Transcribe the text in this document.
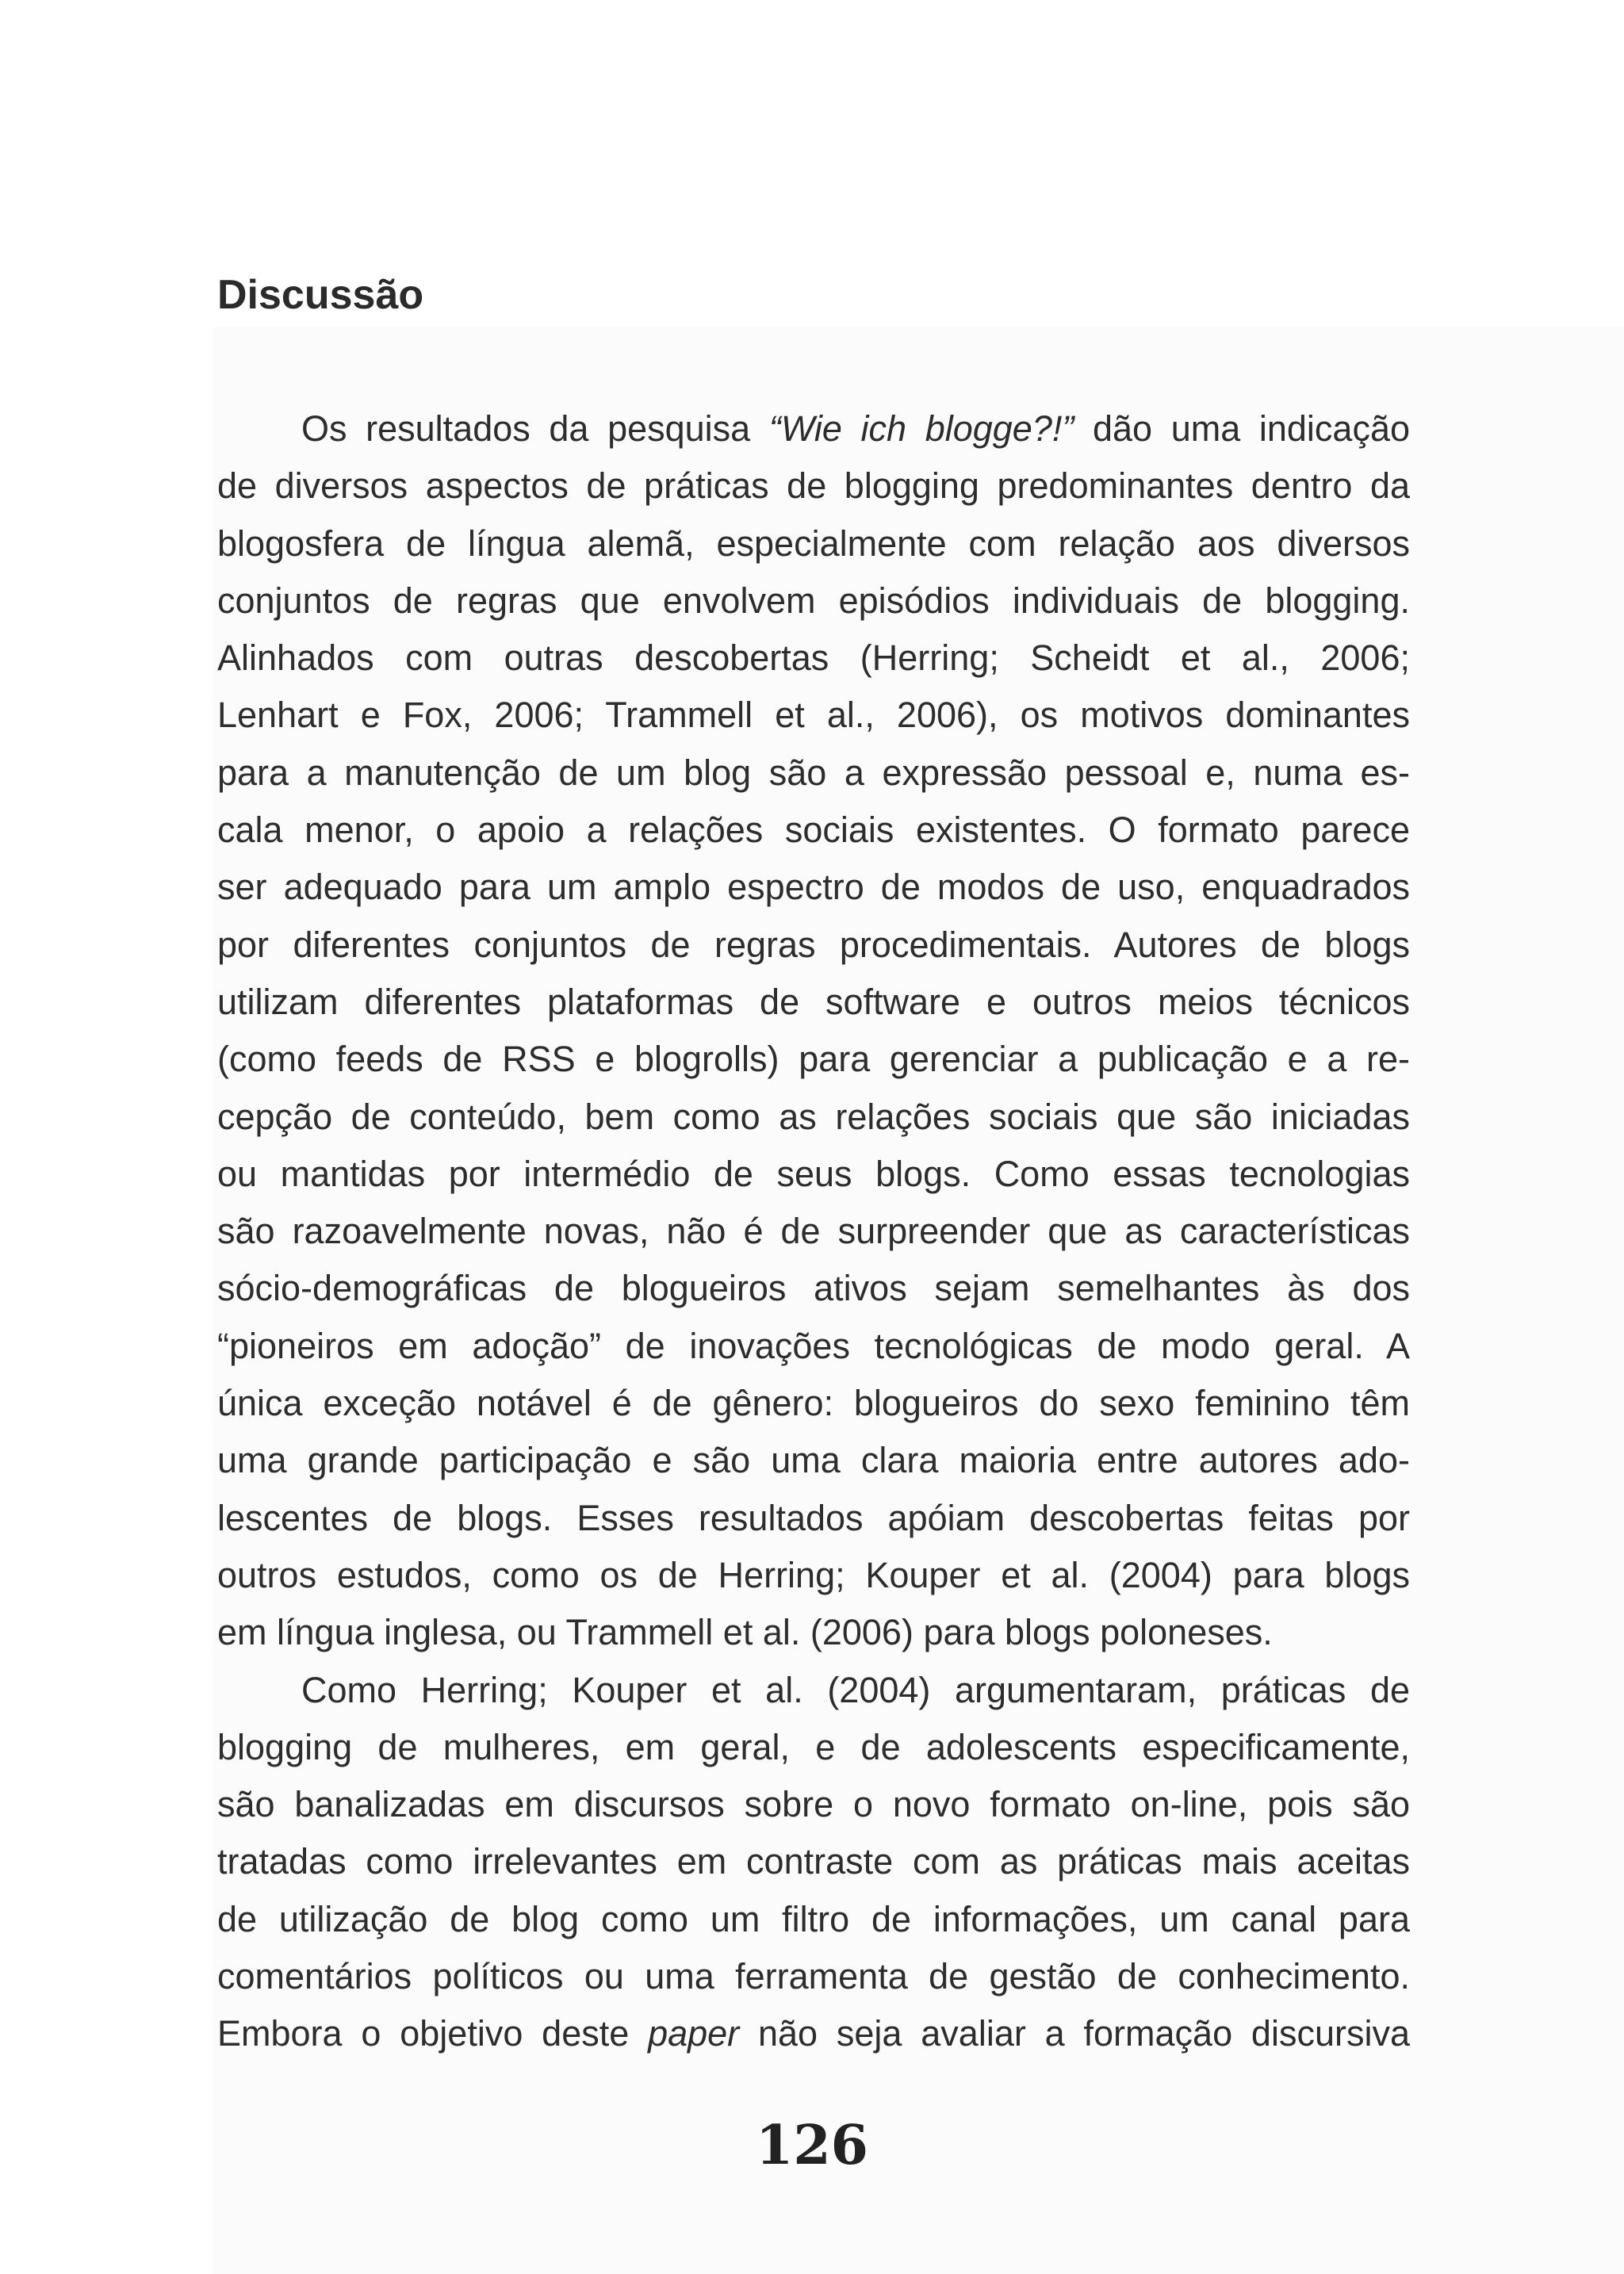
Discussão
Os resultados da pesquisa “Wie ich blogge?!” dão uma indicação
de diversos aspectos de práticas de blogging predominantes dentro da
blogosfera de língua alemã, especialmente com relação aos diversos
conjuntos de regras que envolvem episódios individuais de blogging.
Alinhados com outras descobertas (Herring; Scheidt et al., 2006;
Lenhart e Fox, 2006; Trammell et al., 2006), os motivos dominantes
para a manutenção de um blog são a expressão pessoal e, numa es-
cala menor, o apoio a relações sociais existentes. O formato parece
ser adequado para um amplo espectro de modos de uso, enquadrados
por diferentes conjuntos de regras procedimentais. Autores de blogs
utilizam diferentes plataformas de software e outros meios técnicos
(como feeds de RSS e blogrolls) para gerenciar a publicação e a re-
cepção de conteúdo, bem como as relações sociais que são iniciadas
ou mantidas por intermédio de seus blogs. Como essas tecnologias
são razoavelmente novas, não é de surpreender que as características
sócio-demográficas de blogueiros ativos sejam semelhantes às dos
“pioneiros em adoção” de inovações tecnológicas de modo geral. A
única exceção notável é de gênero: blogueiros do sexo feminino têm
uma grande participação e são uma clara maioria entre autores ado-
lescentes de blogs. Esses resultados apóiam descobertas feitas por
outros estudos, como os de Herring; Kouper et al. (2004) para blogs
em língua inglesa, ou Trammell et al. (2006) para blogs poloneses.
Como Herring; Kouper et al. (2004) argumentaram, práticas de
blogging de mulheres, em geral, e de adolescents especificamente,
são banalizadas em discursos sobre o novo formato on-line, pois são
tratadas como irrelevantes em contraste com as práticas mais aceitas
de utilização de blog como um filtro de informações, um canal para
comentários políticos ou uma ferramenta de gestão de conhecimento.
Embora o objetivo deste paper não seja avaliar a formação discursiva
126
